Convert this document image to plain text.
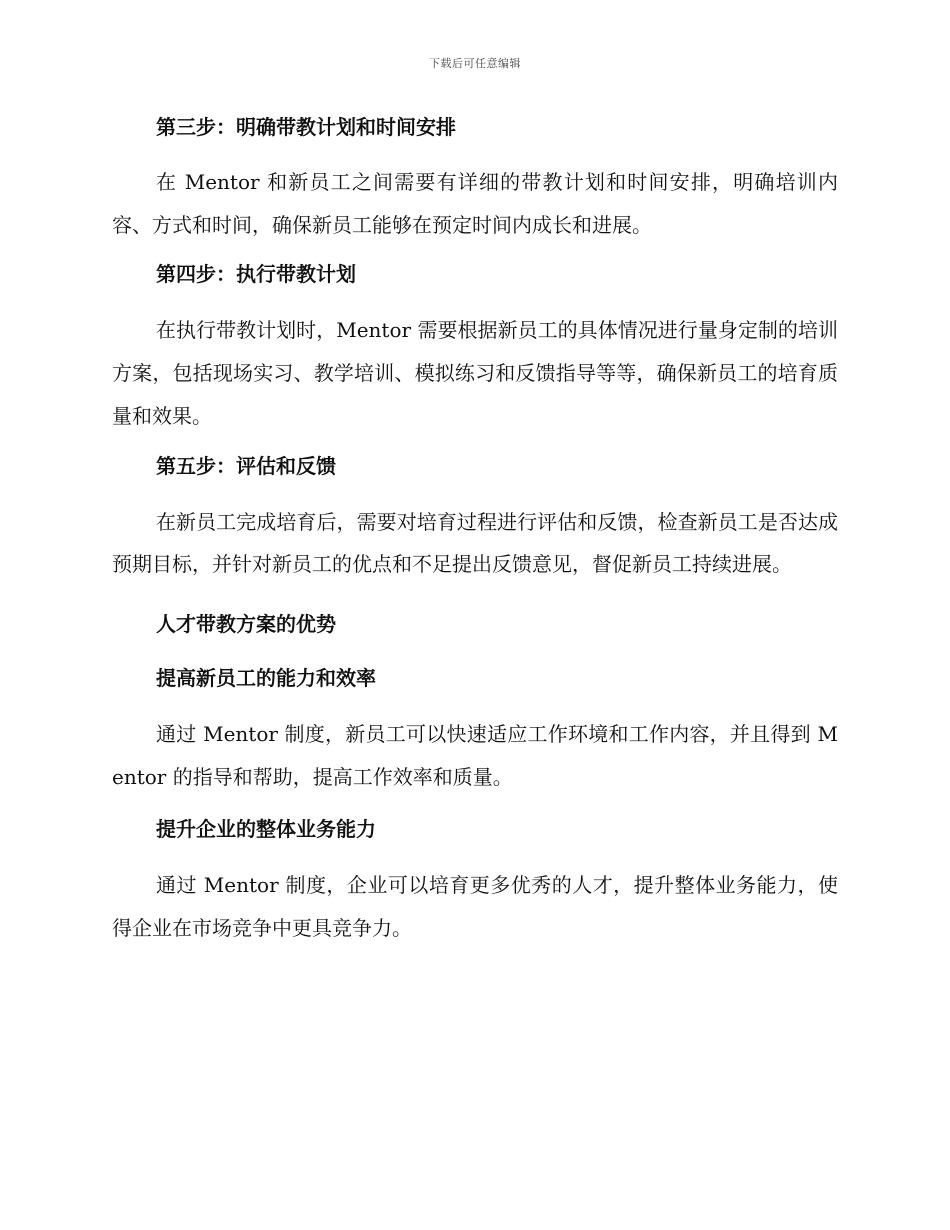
下载后可任意编辑
第三步：明确带教计划和时间安排

在 Mentor 和新员工之间需要有详细的带教计划和时间安排，明确培训内容、方式和时间，确保新员工能够在预定时间内成长和进展。

第四步：执行带教计划

在执行带教计划时，Mentor 需要根据新员工的具体情况进行量身定制的培训方案，包括现场实习、教学培训、模拟练习和反馈指导等等，确保新员工的培育质量和效果。

第五步：评估和反馈

在新员工完成培育后，需要对培育过程进行评估和反馈，检查新员工是否达成预期目标，并针对新员工的优点和不足提出反馈意见，督促新员工持续进展。

人才带教方案的优势
提高新员工的能力和效率

通过 Mentor 制度，新员工可以快速适应工作环境和工作内容，并且得到 Mentor 的指导和帮助，提高工作效率和质量。

提升企业的整体业务能力

通过 Mentor 制度，企业可以培育更多优秀的人才，提升整体业务能力，使得企业在市场竞争中更具竞争力。
